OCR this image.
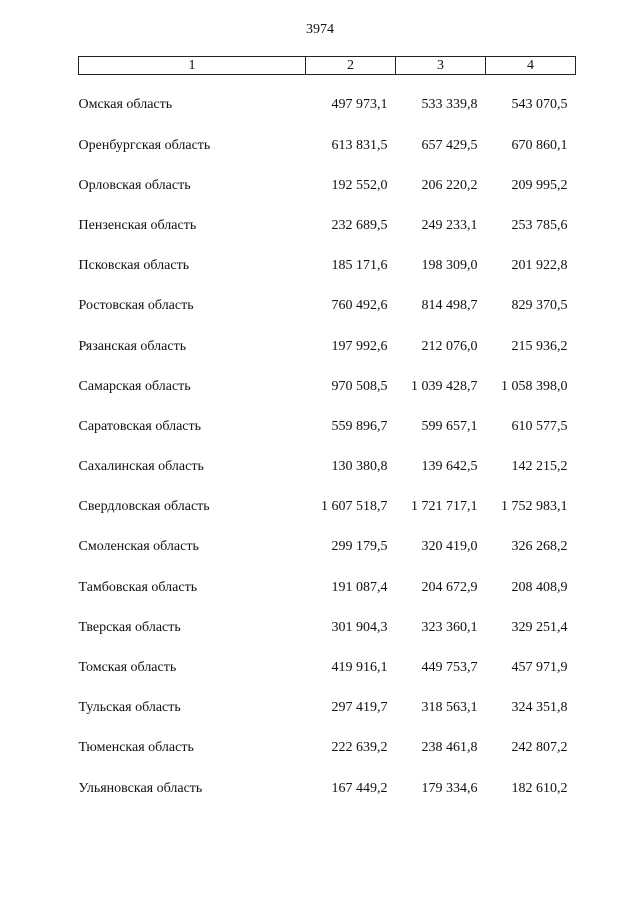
3974
1	2	3	4
Омская область	497 973,1	533 339,8	543 070,5
Оренбургская область	613 831,5	657 429,5	670 860,1
Орловская область	192 552,0	206 220,2	209 995,2
Пензенская область	232 689,5	249 233,1	253 785,6
Псковская область	185 171,6	198 309,0	201 922,8
Ростовская область	760 492,6	814 498,7	829 370,5
Рязанская область	197 992,6	212 076,0	215 936,2
Самарская область	970 508,5	1 039 428,7	1 058 398,0
Саратовская область	559 896,7	599 657,1	610 577,5
Сахалинская область	130 380,8	139 642,5	142 215,2
Свердловская область	1 607 518,7	1 721 717,1	1 752 983,1
Смоленская область	299 179,5	320 419,0	326 268,2
Тамбовская область	191 087,4	204 672,9	208 408,9
Тверская область	301 904,3	323 360,1	329 251,4
Томская область	419 916,1	449 753,7	457 971,9
Тульская область	297 419,7	318 563,1	324 351,8
Тюменская область	222 639,2	238 461,8	242 807,2
Ульяновская область	167 449,2	179 334,6	182 610,2
